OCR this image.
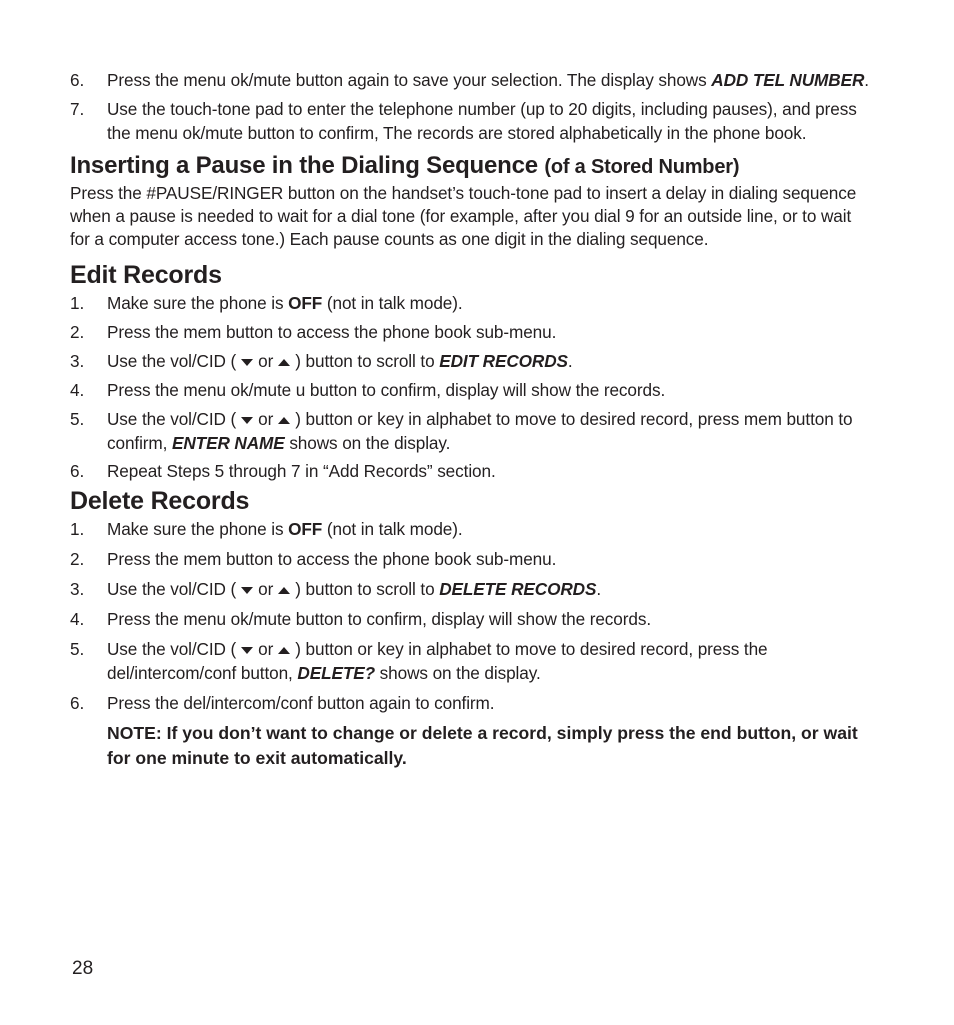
6. Press the menu ok/mute button again to save your selection. The display shows ADD TEL NUMBER.
7. Use the touch-tone pad to enter the telephone number (up to 20 digits, including pauses), and press the menu ok/mute button to confirm, The records are stored alphabetically in the phone book.
Inserting a Pause in the Dialing Sequence (of a Stored Number)

Press the #PAUSE/RINGER button on the handset’s touch-tone pad to insert a delay in dialing sequence when a pause is needed to wait for a dial tone (for example, after you dial 9 for an outside line, or to wait for a computer access tone.) Each pause counts as one digit in the dialing sequence.

Edit Records
1. Make sure the phone is OFF (not in talk mode).
2. Press the mem button to access the phone book sub-menu.
3. Use the vol/CID ( or ) button to scroll to EDIT RECORDS.
4. Press the menu ok/mute u button to confirm, display will show the records.
5. Use the vol/CID ( or ) button or key in alphabet to move to desired record, press mem button to confirm, ENTER NAME shows on the display.
6. Repeat Steps 5 through 7 in “Add Records” section.
Delete Records
1. Make sure the phone is OFF (not in talk mode).
2. Press the mem button to access the phone book sub-menu.
3. Use the vol/CID ( or ) button to scroll to DELETE RECORDS.
4. Press the menu ok/mute button to confirm, display will show the records.
5. Use the vol/CID ( or ) button or key in alphabet to move to desired record, press the del/intercom/conf button, DELETE? shows on the display.
6. Press the del/intercom/conf button again to confirm.
NOTE: If you don’t want to change or delete a record, simply press the end button, or wait for one minute to exit automatically.
28
